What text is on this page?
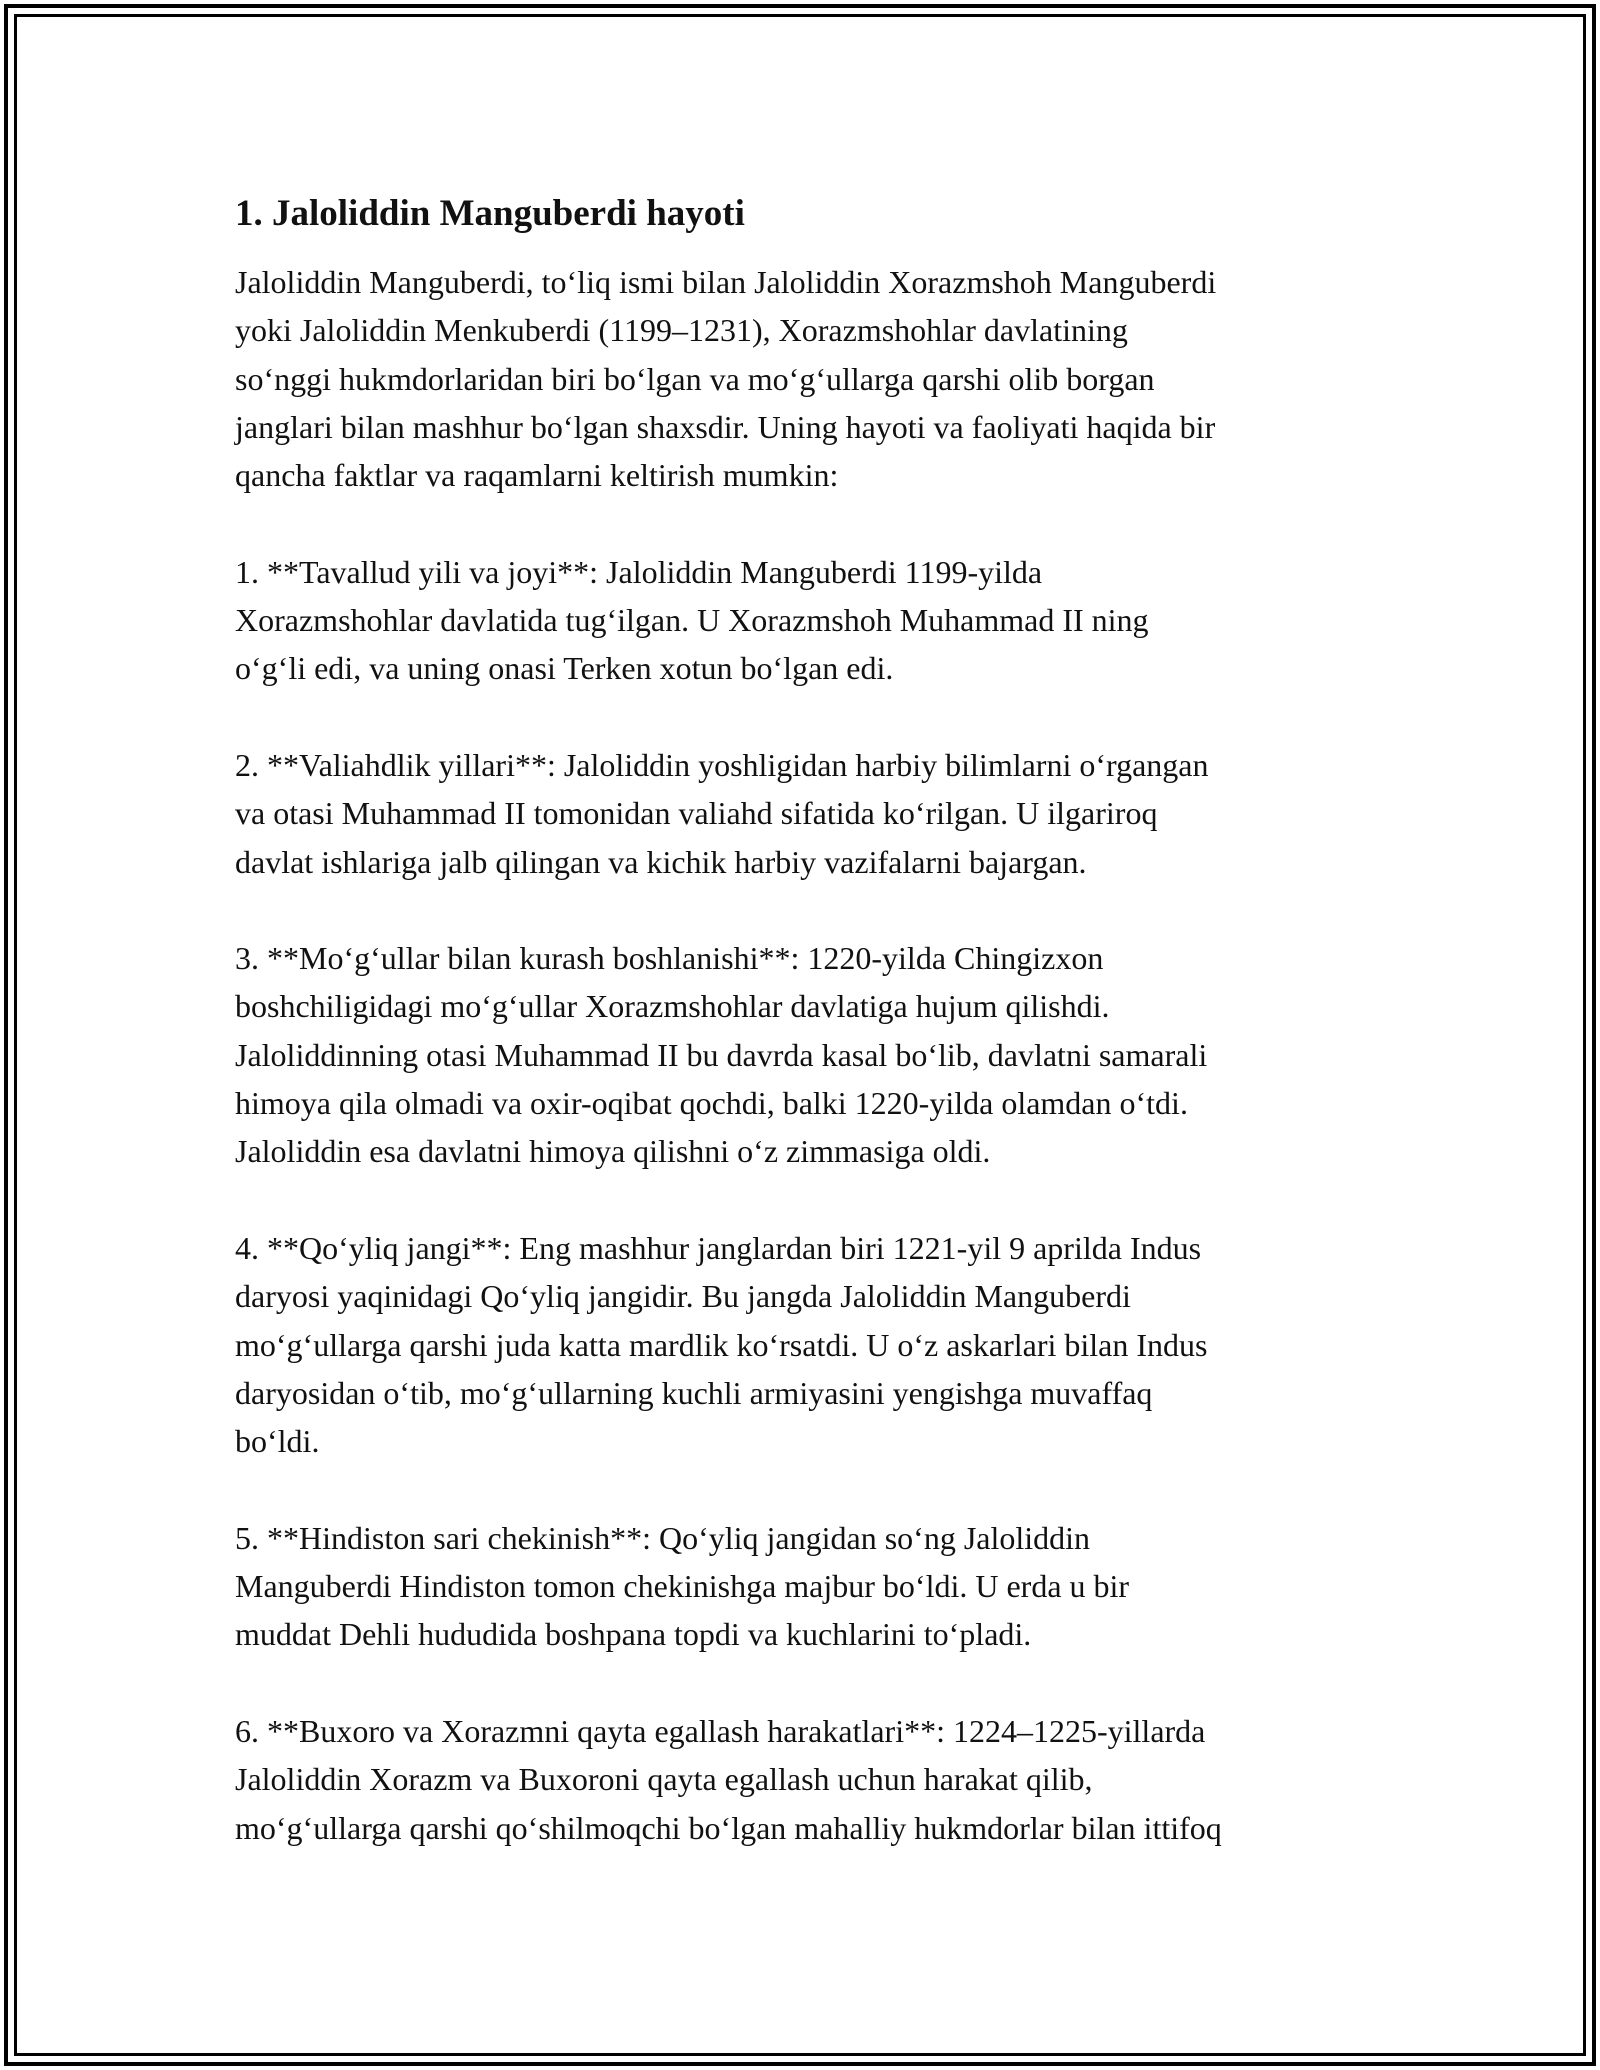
1. Jaloliddin Manguberdi hayoti

Jaloliddin Manguberdi, to‘liq ismi bilan Jaloliddin Xorazmshoh Manguberdi
yoki Jaloliddin Menkuberdi (1199–1231), Xorazmshohlar davlatining
so‘nggi hukmdorlaridan biri bo‘lgan va mo‘g‘ullarga qarshi olib borgan
janglari bilan mashhur bo‘lgan shaxsdir. Uning hayoti va faoliyati haqida bir
qancha faktlar va raqamlarni keltirish mumkin:

1. **Tavallud yili va joyi**: Jaloliddin Manguberdi 1199-yilda
Xorazmshohlar davlatida tug‘ilgan. U Xorazmshoh Muhammad II ning
o‘g‘li edi, va uning onasi Terken xotun bo‘lgan edi.

2. **Valiahdlik yillari**: Jaloliddin yoshligidan harbiy bilimlarni o‘rgangan
va otasi Muhammad II tomonidan valiahd sifatida ko‘rilgan. U ilgariroq
davlat ishlariga jalb qilingan va kichik harbiy vazifalarni bajargan.

3. **Mo‘g‘ullar bilan kurash boshlanishi**: 1220-yilda Chingizxon
boshchiligidagi mo‘g‘ullar Xorazmshohlar davlatiga hujum qilishdi.
Jaloliddinning otasi Muhammad II bu davrda kasal bo‘lib, davlatni samarali
himoya qila olmadi va oxir-oqibat qochdi, balki 1220-yilda olamdan o‘tdi.
Jaloliddin esa davlatni himoya qilishni o‘z zimmasiga oldi.

4. **Qo‘yliq jangi**: Eng mashhur janglardan biri 1221-yil 9 aprilda Indus
daryosi yaqinidagi Qo‘yliq jangidir. Bu jangda Jaloliddin Manguberdi
mo‘g‘ullarga qarshi juda katta mardlik ko‘rsatdi. U o‘z askarlari bilan Indus
daryosidan o‘tib, mo‘g‘ullarning kuchli armiyasini yengishga muvaffaq
bo‘ldi.

5. **Hindiston sari chekinish**: Qo‘yliq jangidan so‘ng Jaloliddin
Manguberdi Hindiston tomon chekinishga majbur bo‘ldi. U erda u bir
muddat Dehli hududida boshpana topdi va kuchlarini to‘pladi.

6. **Buxoro va Xorazmni qayta egallash harakatlari**: 1224–1225-yillarda
Jaloliddin Xorazm va Buxoroni qayta egallash uchun harakat qilib,
mo‘g‘ullarga qarshi qo‘shilmoqchi bo‘lgan mahalliy hukmdorlar bilan ittifoq
